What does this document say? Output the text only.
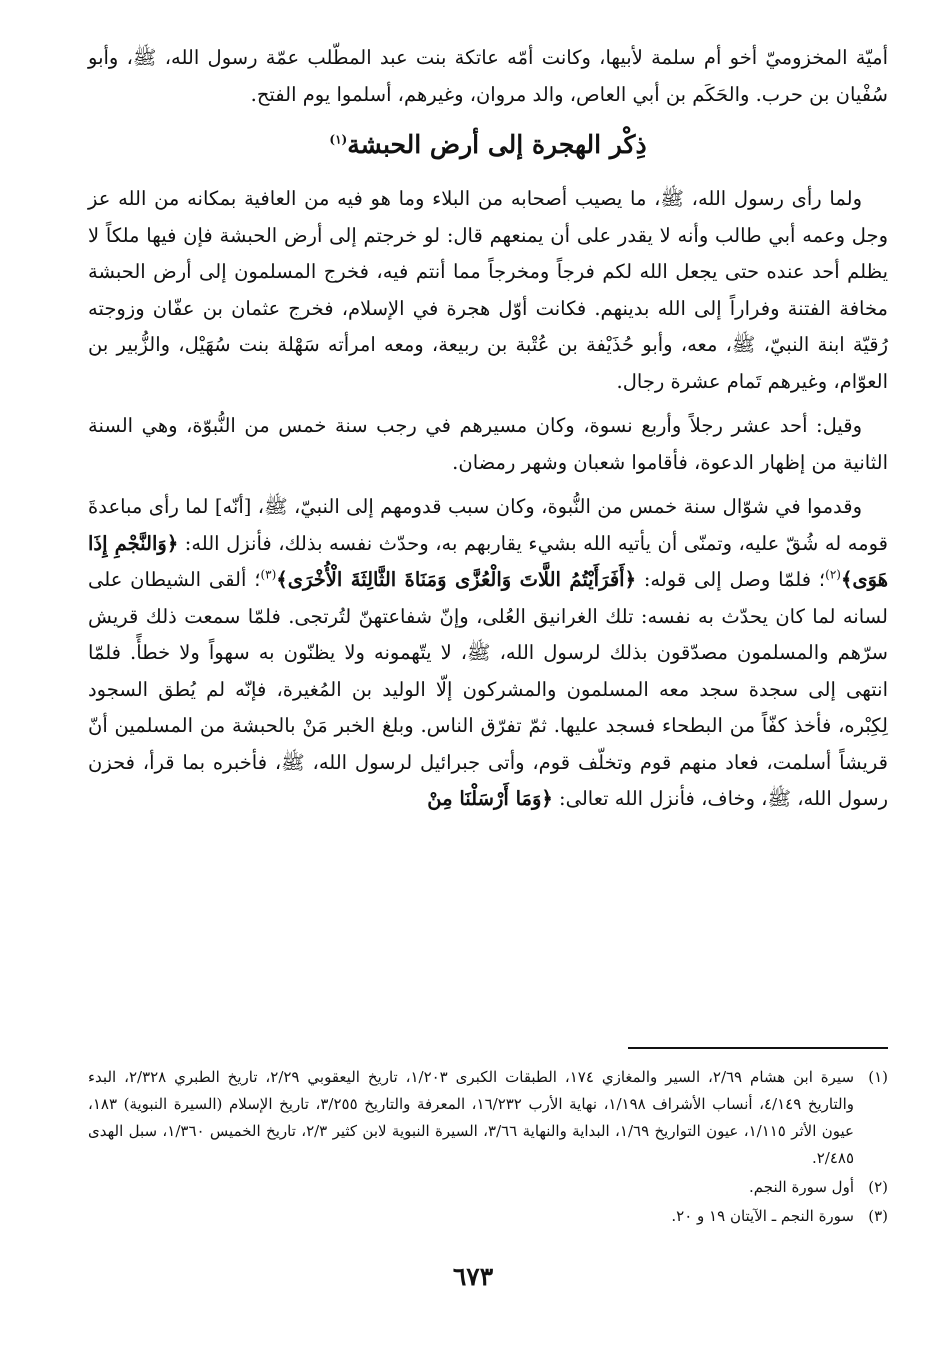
أميّة المخزوميّ أخو أم سلمة لأبيها، وكانت أمّه عاتكة بنت عبد المطّلب عمّة رسول الله، ﷺ، وأبو سُفْيان بن حرب. والحَكَم بن أبي العاص، والد مروان، وغيرهم، أسلموا يوم الفتح.

ذِكْر الهجرة إلى أرض الحبشة$^{(١)}$

ولما رأى رسول الله، ﷺ، ما يصيب أصحابه من البلاء وما هو فيه من العافية بمكانه من الله عز وجل وعمه أبي طالب وأنه لا يقدر على أن يمنعهم قال: لو خرجتم إلى أرض الحبشة فإن فيها ملكاً لا يظلم أحد عنده حتى يجعل الله لكم فرجاً ومخرجاً مما أنتم فيه، فخرج المسلمون إلى أرض الحبشة مخافة الفتنة وفراراً إلى الله بدينهم. فكانت أوّل هجرة في الإسلام، فخرج عثمان بن عفّان وزوجته رُقيّة ابنة النبيّ، ﷺ، معه، وأبو حُذَيْفة بن عُتْبة بن ربيعة، ومعه امرأته سَهْلة بنت سُهَيْل، والزُّبير بن العوّام، وغيرهم تَمام عشرة رجال.

وقيل: أحد عشر رجلاً وأربع نسوة، وكان مسيرهم في رجب سنة خمس من النُّبوّة، وهي السنة الثانية من إظهار الدعوة، فأقاموا شعبان وشهر رمضان.

وقدموا في شوّال سنة خمس من النُّبوة، وكان سبب قدومهم إلى النبيّ، ﷺ، [أنّه] لما رأى مباعدةَ قومه له شُقّ عليه، وتمنّى أن يأتيه الله بشيء يقاربهم به، وحدّث نفسه بذلك، فأنزل الله: ﴿وَالنَّجْمِ إِذَا هَوَى﴾$^{(٢)}$؛ فلمّا وصل إلى قوله: ﴿أَفَرَأَيْتُمُ اللَّاتَ وَالْعُزَّى وَمَنَاةَ الثَّالِثَةَ الْأُخْرَى﴾$^{(٣)}$؛ ألقى الشيطان على لسانه لما كان يحدّث به نفسه: تلك الغرانيق العُلى، وإنّ شفاعتهنّ لتُرتجى. فلمّا سمعت ذلك قريش سرّهم والمسلمون مصدّقون بذلك لرسول الله، ﷺ، لا يتّهمونه ولا يظنّون به سهواً ولا خطأً. فلمّا انتهى إلى سجدة سجد معه المسلمون والمشركون إلّا الوليد بن المُغيرة، فإنّه لم يُطق السجود لِكِبْره، فأخذ كفّاً من البطحاء فسجد عليها. ثمّ تفرّق الناس. وبلغ الخبر مَنْ بالحبشة من المسلمين أنّ قريشاً أسلمت، فعاد منهم قوم وتخلّف قوم، وأتى جبرائيل لرسول الله، ﷺ، فأخبره بما قرأ، فحزن رسول الله، ﷺ، وخاف، فأنزل الله تعالى: ﴿وَمَا أَرْسَلْنَا مِنْ

(١)
سيرة ابن هشام ٢/٦٩، السير والمغازي ١٧٤، الطبقات الكبرى ١/٢٠٣، تاريخ اليعقوبي ٢/٢٩، تاريخ الطبري ٢/٣٢٨، البدء والتاريخ ٤/١٤٩، أنساب الأشراف ١/١٩٨، نهاية الأرب ١٦/٢٣٢، المعرفة والتاريخ ٣/٢٥٥، تاريخ الإسلام (السيرة النبوية) ١٨٣، عيون الأثر ١/١١٥، عيون التواريخ ١/٦٩، البداية والنهاية ٣/٦٦، السيرة النبوية لابن كثير ٢/٣، تاريخ الخميس ١/٣٦٠، سبل الهدى ٢/٤٨٥.
(٢)
أول سورة النجم.
(٣)
سورة النجم ـ الآيتان ١٩ و ٢٠.
٦٧٣
